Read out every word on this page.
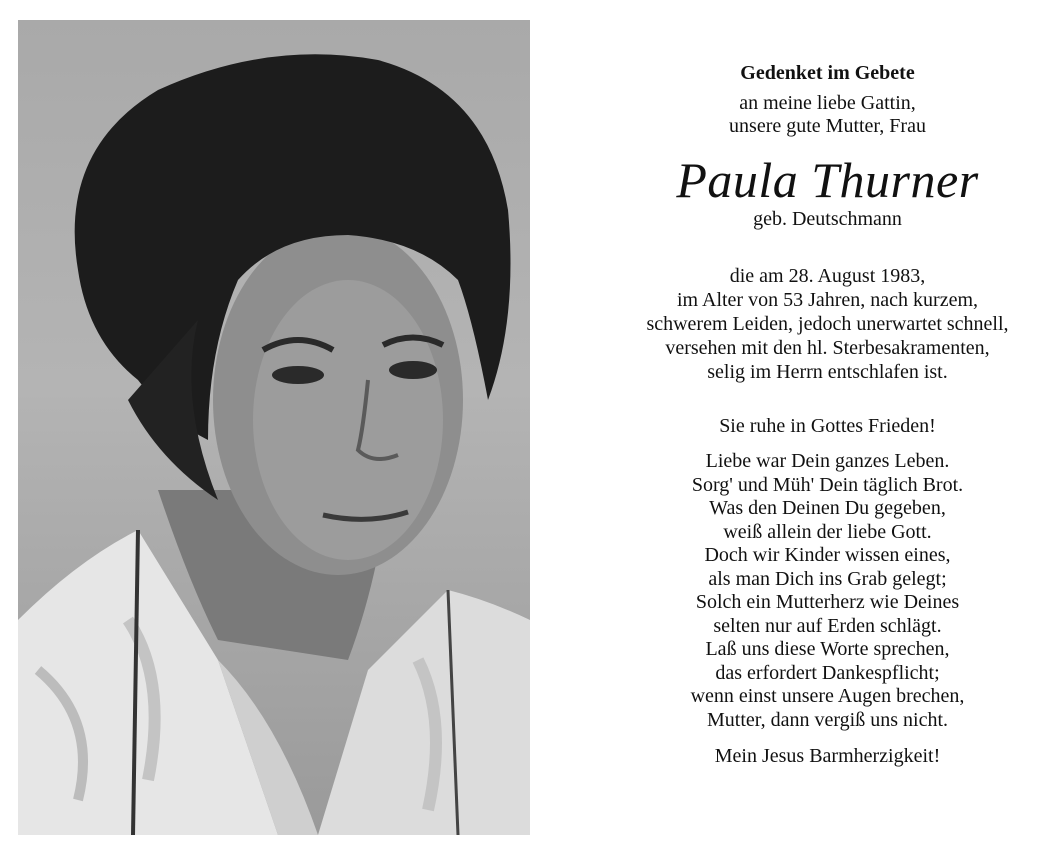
Gedenket im Gebete

an meine liebe Gattin,
unsere gute Mutter, Frau

Paula Thurner

geb. Deutschmann

die am 28. August 1983,
im Alter von 53 Jahren, nach kurzem,
schwerem Leiden, jedoch unerwartet schnell,
versehen mit den hl. Sterbesakramenten,
selig im Herrn entschlafen ist.

Sie ruhe in Gottes Frieden!

Liebe war Dein ganzes Leben.
Sorg' und Müh' Dein täglich Brot.
Was den Deinen Du gegeben,
weiß allein der liebe Gott.
Doch wir Kinder wissen eines,
als man Dich ins Grab gelegt;
Solch ein Mutterherz wie Deines
selten nur auf Erden schlägt.
Laß uns diese Worte sprechen,
das erfordert Dankespflicht;
wenn einst unsere Augen brechen,
Mutter, dann vergiß uns nicht.

Mein Jesus Barmherzigkeit!
